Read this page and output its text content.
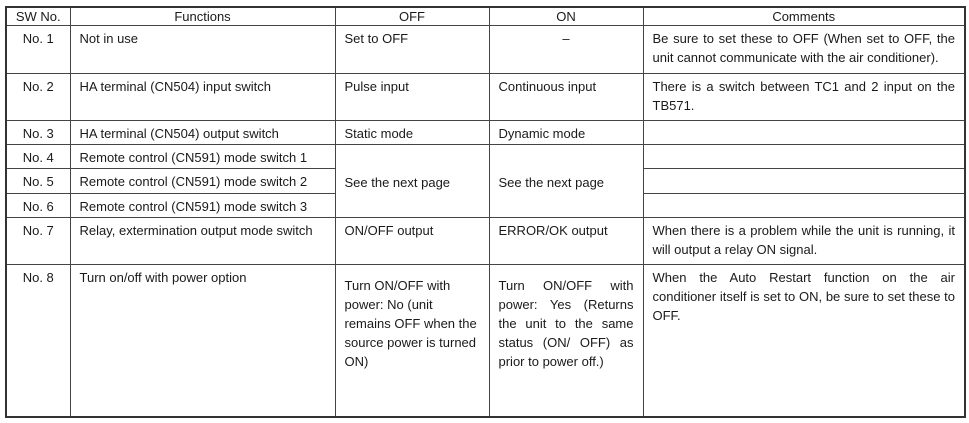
SW No.	Functions	OFF	ON	Comments
No. 1	Not in use	Set to OFF	–	Be sure to set these to OFF (When set to OFF, the unit cannot communicate with the air conditioner).
No. 2	HA terminal (CN504) input switch	Pulse input	Continuous input	There is a switch between TC1 and 2 input on the TB571.
No. 3	HA terminal (CN504) output switch	Static mode	Dynamic mode	
No. 4	Remote control (CN591) mode switch 1	See the next page	See the next page	
No. 5	Remote control (CN591) mode switch 2			
No. 6	Remote control (CN591) mode switch 3			
No. 7	Relay, extermination output mode switch	ON/OFF output	ERROR/OK output	When there is a problem while the unit is running, it will output a relay ON signal.
No. 8	Turn on/off with power option	Turn ON/OFF with power: No (unit remains OFF when the source power is turned ON)	Turn ON/OFF with power: Yes (Returns the unit to the same status (ON/ OFF) as prior to power off.)	When the Auto Restart function on the air conditioner itself is set to ON, be sure to set these to OFF.
